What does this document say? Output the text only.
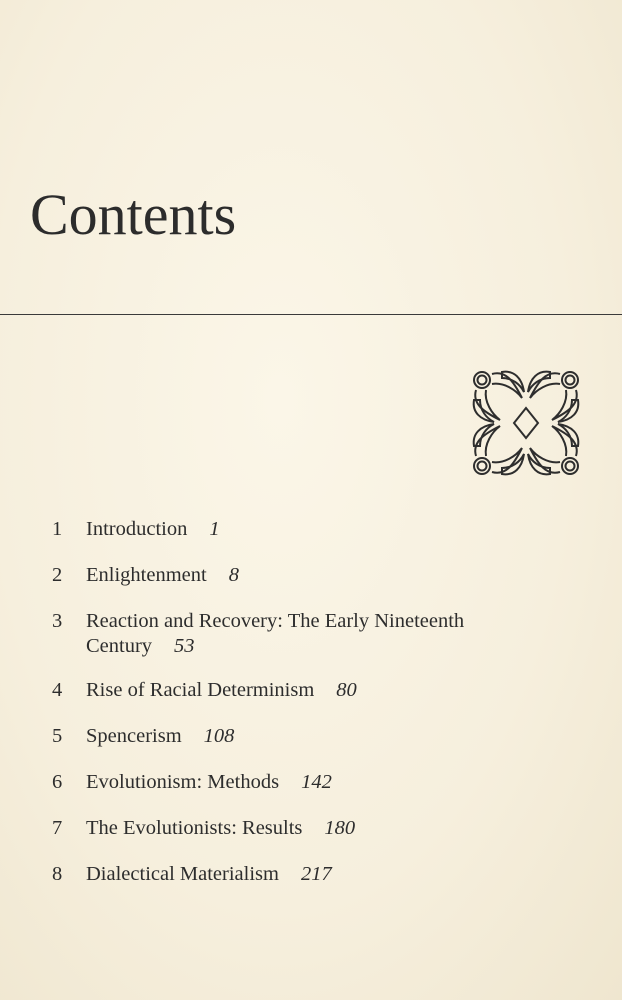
Contents
1	Introduction 1
2	Enlightenment 8
3	Reaction and Recovery: The Early Nineteenth
Century 53
4	Rise of Racial Determinism 80
5	Spencerism 108
6	Evolutionism: Methods 142
7	The Evolutionists: Results 180
8	Dialectical Materialism 217
